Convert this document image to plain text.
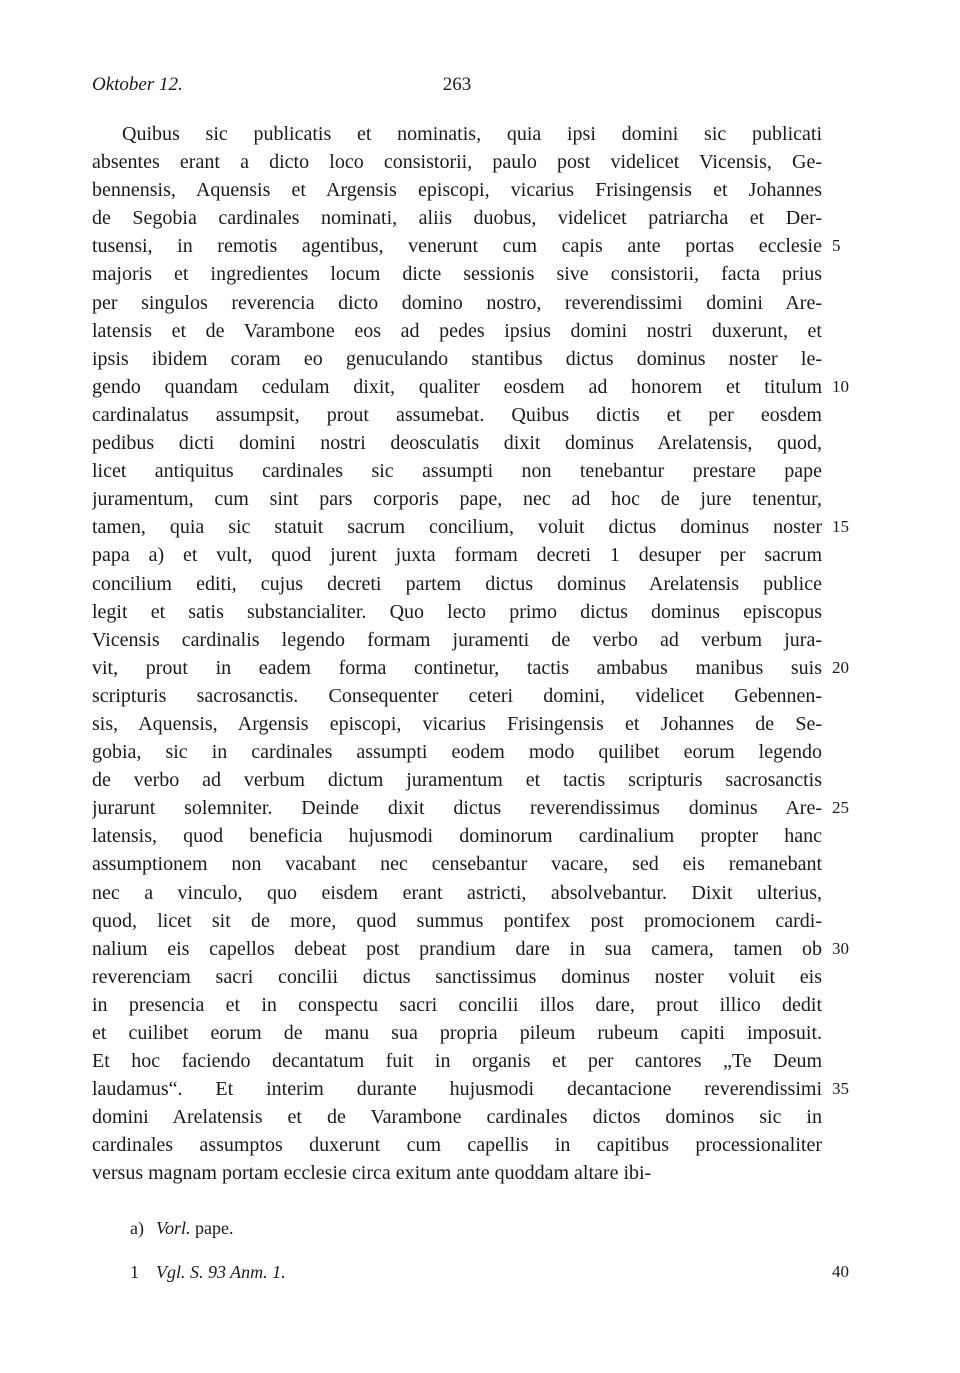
Oktober 12.	263
Quibus sic publicatis et nominatis, quia ipsi domini sic publicati
absentes erant a dicto loco consistorii, paulo post videlicet Vicensis, Ge-
bennensis, Aquensis et Argensis episcopi, vicarius Frisingensis et Johannes
de Segobia cardinales nominati, aliis duobus, videlicet patriarcha et Der-
tusensi, in remotis agentibus, venerunt cum capis ante portas ecclesie
majoris et ingredientes locum dicte sessionis sive consistorii, facta prius
per singulos reverencia dicto domino nostro, reverendissimi domini Are-
latensis et de Varambone eos ad pedes ipsius domini nostri duxerunt, et
ipsis ibidem coram eo genuculando stantibus dictus dominus noster le-
gendo quandam cedulam dixit, qualiter eosdem ad honorem et titulum
cardinalatus assumpsit, prout assumebat. Quibus dictis et per eosdem
pedibus dicti domini nostri deosculatis dixit dominus Arelatensis, quod,
licet antiquitus cardinales sic assumpti non tenebantur prestare pape
juramentum, cum sint pars corporis pape, nec ad hoc de jure tenentur,
tamen, quia sic statuit sacrum concilium, voluit dictus dominus noster
papa a) et vult, quod jurent juxta formam decreti 1 desuper per sacrum
concilium editi, cujus decreti partem dictus dominus Arelatensis publice
legit et satis substancialiter. Quo lecto primo dictus dominus episcopus
Vicensis cardinalis legendo formam juramenti de verbo ad verbum jura-
vit, prout in eadem forma continetur, tactis ambabus manibus suis
scripturis sacrosanctis. Consequenter ceteri domini, videlicet Gebennen-
sis, Aquensis, Argensis episcopi, vicarius Frisingensis et Johannes de Se-
gobia, sic in cardinales assumpti eodem modo quilibet eorum legendo
de verbo ad verbum dictum juramentum et tactis scripturis sacrosanctis
jurarunt solemniter. Deinde dixit dictus reverendissimus dominus Are-
latensis, quod beneficia hujusmodi dominorum cardinalium propter hanc
assumptionem non vacabant nec censebantur vacare, sed eis remanebant
nec a vinculo, quo eisdem erant astricti, absolvebantur. Dixit ulterius,
quod, licet sit de more, quod summus pontifex post promocionem cardi-
nalium eis capellos debeat post prandium dare in sua camera, tamen ob
reverenciam sacri concilii dictus sanctissimus dominus noster voluit eis
in presencia et in conspectu sacri concilii illos dare, prout illico dedit
et cuilibet eorum de manu sua propria pileum rubeum capiti imposuit.
Et hoc faciendo decantatum fuit in organis et per cantores „Te Deum
laudamus“. Et interim durante hujusmodi decantacione reverendissimi
domini Arelatensis et de Varambone cardinales dictos dominos sic in
cardinales assumptos duxerunt cum capellis in capitibus processionaliter
versus magnam portam ecclesie circa exitum ante quoddam altare ibi-
5
10
15
20
25
30
35
a) Vorl. pape.
1 Vgl. S. 93 Anm. 1.	40
